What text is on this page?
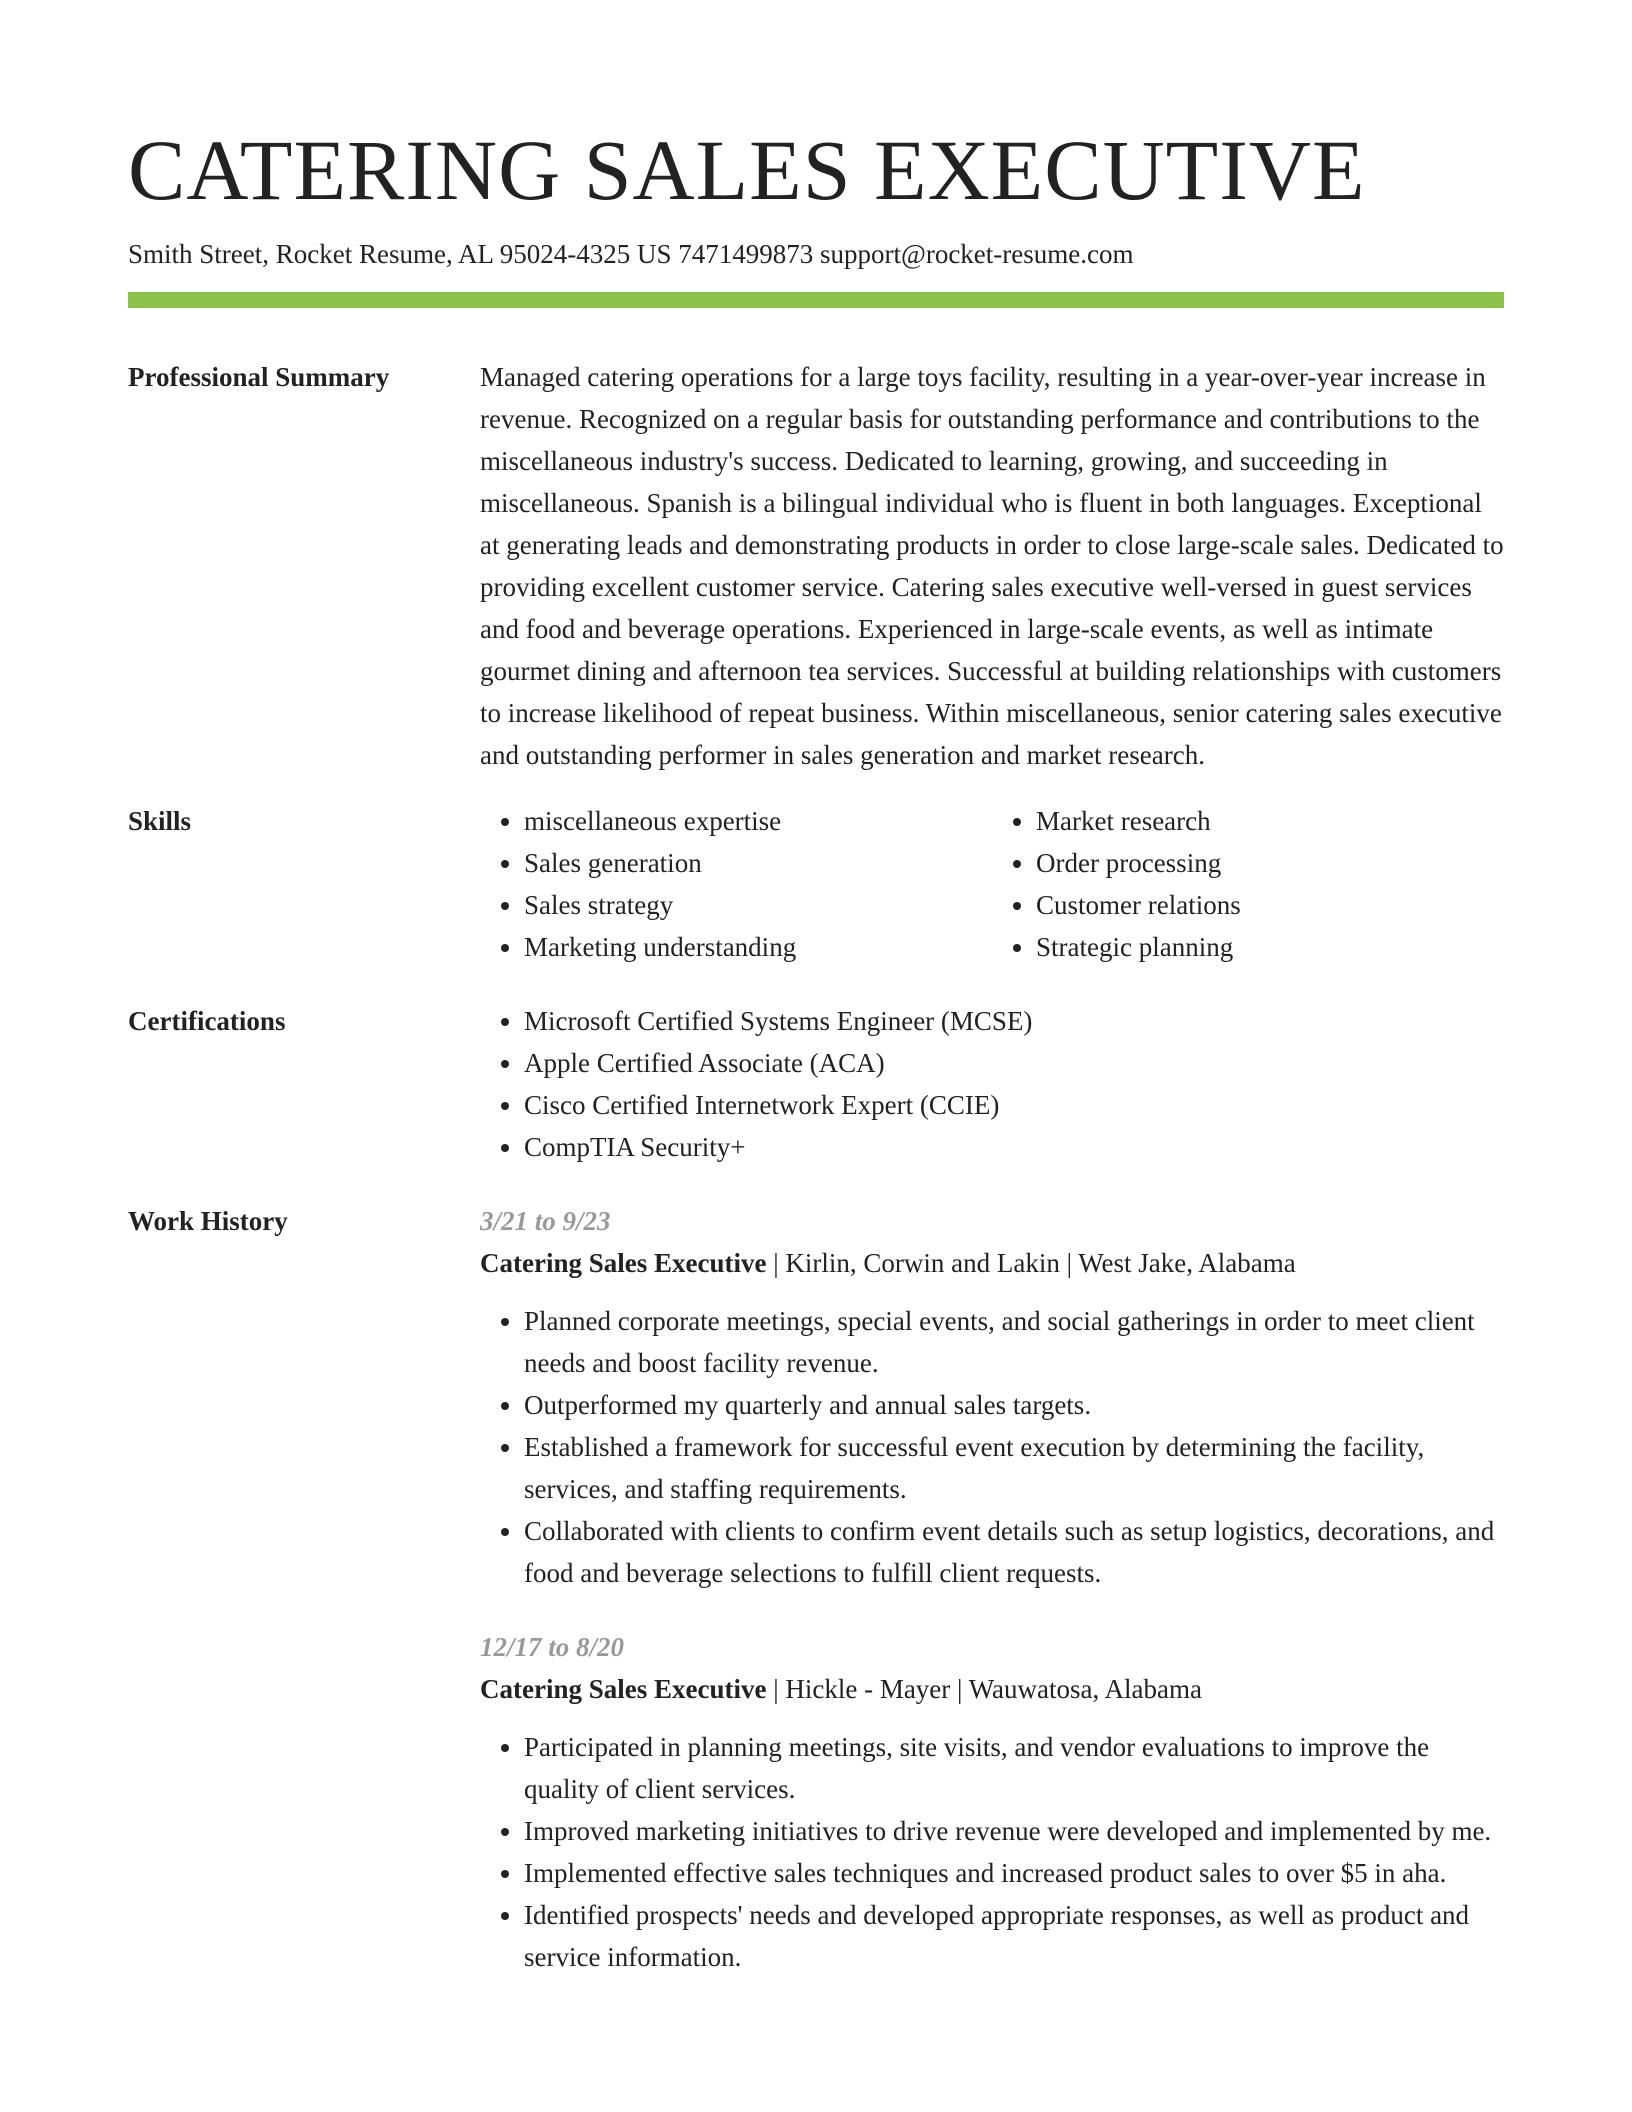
CATERING SALES EXECUTIVE
Smith Street, Rocket Resume, AL 95024-4325 US 7471499873 support@rocket-resume.com
Professional Summary	Managed catering operations for a large toys facility, resulting in a year-over-year increase in revenue. Recognized on a regular basis for outstanding performance and contributions to the miscellaneous industry's success. Dedicated to learning, growing, and succeeding in miscellaneous. Spanish is a bilingual individual who is fluent in both languages. Exceptional at generating leads and demonstrating products in order to close large-scale sales. Dedicated to providing excellent customer service. Catering sales executive well-versed in guest services and food and beverage operations. Experienced in large-scale events, as well as intimate gourmet dining and afternoon tea services. Successful at building relationships with customers to increase likelihood of repeat business. Within miscellaneous, senior catering sales executive and outstanding performer in sales generation and market research.

Skills	• miscellaneous expertise
• Sales generation
• Sales strategy
• Marketing understanding
• Market research
• Order processing
• Customer relations
• Strategic planning
Certifications	• Microsoft Certified Systems Engineer (MCSE)
• Apple Certified Associate (ACA)
• Cisco Certified Internetwork Expert (CCIE)
• CompTIA Security+
Work History	3/21 to 9/23
Catering Sales Executive | Kirlin, Corwin and Lakin | West Jake, Alabama
• Planned corporate meetings, special events, and social gatherings in order to meet client needs and boost facility revenue.
• Outperformed my quarterly and annual sales targets.
• Established a framework for successful event execution by determining the facility, services, and staffing requirements.
• Collaborated with clients to confirm event details such as setup logistics, decorations, and food and beverage selections to fulfill client requests.
12/17 to 8/20
Catering Sales Executive | Hickle - Mayer | Wauwatosa, Alabama
• Participated in planning meetings, site visits, and vendor evaluations to improve the quality of client services.
• Improved marketing initiatives to drive revenue were developed and implemented by me.
• Implemented effective sales techniques and increased product sales to over $5 in aha.
• Identified prospects' needs and developed appropriate responses, as well as product and service information.
